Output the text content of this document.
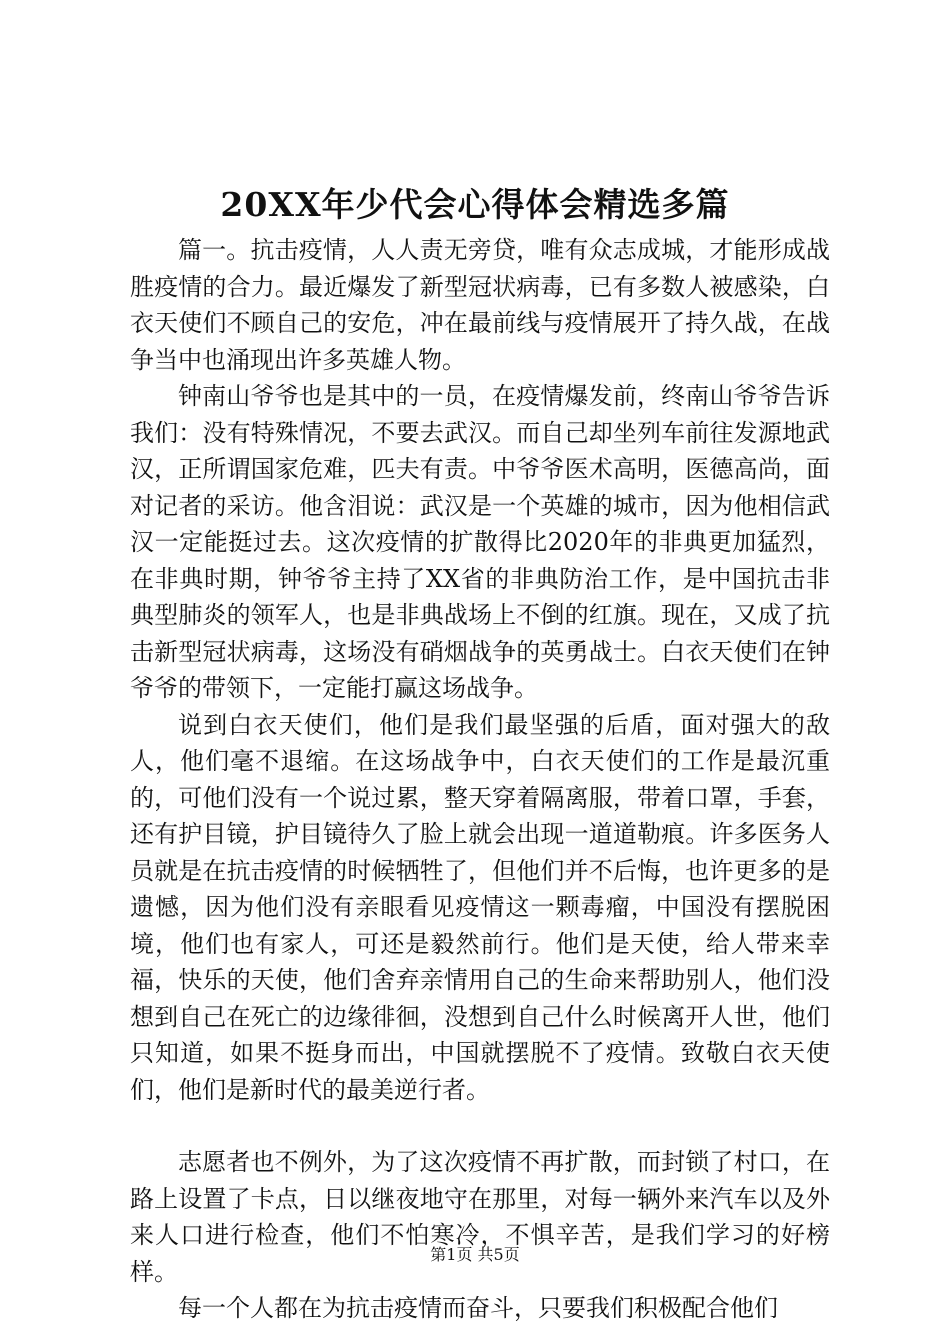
20XX年少代会心得体会精选多篇

篇一。抗击疫情，人人责无旁贷，唯有众志成城，才能形成战胜疫情的合力。最近爆发了新型冠状病毒，已有多数人被感染，白衣天使们不顾自己的安危，冲在最前线与疫情展开了持久战，在战争当中也涌现出许多英雄人物。

钟南山爷爷也是其中的一员，在疫情爆发前，终南山爷爷告诉我们：没有特殊情况，不要去武汉。而自己却坐列车前往发源地武汉，正所谓国家危难，匹夫有责。中爷爷医术高明，医德高尚，面对记者的采访。他含泪说：武汉是一个英雄的城市，因为他相信武汉一定能挺过去。这次疫情的扩散得比2020年的非典更加猛烈，在非典时期，钟爷爷主持了XX省的非典防治工作，是中国抗击非典型肺炎的领军人，也是非典战场上不倒的红旗。现在，又成了抗击新型冠状病毒，这场没有硝烟战争的英勇战士。白衣天使们在钟爷爷的带领下，一定能打赢这场战争。

说到白衣天使们，他们是我们最坚强的后盾，面对强大的敌人，他们毫不退缩。在这场战争中，白衣天使们的工作是最沉重的，可他们没有一个说过累，整天穿着隔离服，带着口罩，手套，还有护目镜，护目镜待久了脸上就会出现一道道勒痕。许多医务人员就是在抗击疫情的时候牺牲了，但他们并不后悔，也许更多的是遗憾，因为他们没有亲眼看见疫情这一颗毒瘤，中国没有摆脱困境，他们也有家人，可还是毅然前行。他们是天使，给人带来幸福，快乐的天使，他们舍弃亲情用自己的生命来帮助别人，他们没想到自己在死亡的边缘徘徊，没想到自己什么时候离开人世，他们只知道，如果不挺身而出，中国就摆脱不了疫情。致敬白衣天使们，他们是新时代的最美逆行者。

志愿者也不例外，为了这次疫情不再扩散，而封锁了村口，在路上设置了卡点，日以继夜地守在那里，对每一辆外来汽车以及外来人口进行检查，他们不怕寒冷，不惧辛苦，是我们学习的好榜样。

每一个人都在为抗击疫情而奋斗，只要我们积极配合他们

第1页 共5页
